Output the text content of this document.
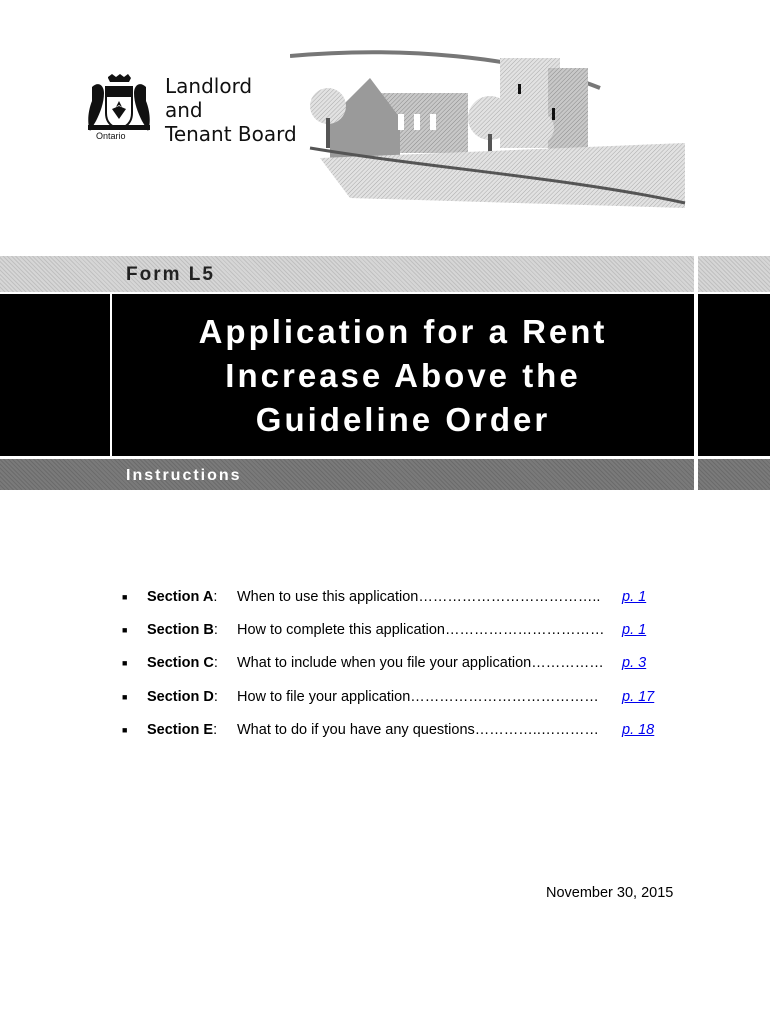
Ontario
Landlord
and
Tenant Board
Form L5
Application for a Rent
Increase Above the
Guideline Order
Instructions
■ Section A: When to use this application……………………………….. p. 1
■ Section B: How to complete this application…………………………… p. 1
■ Section C: What to include when you file your application…………… p. 3
■ Section D: How to file your application………………………………… p. 17
■ Section E: What to do if you have any questions…………..………… p. 18
November 30, 2015
